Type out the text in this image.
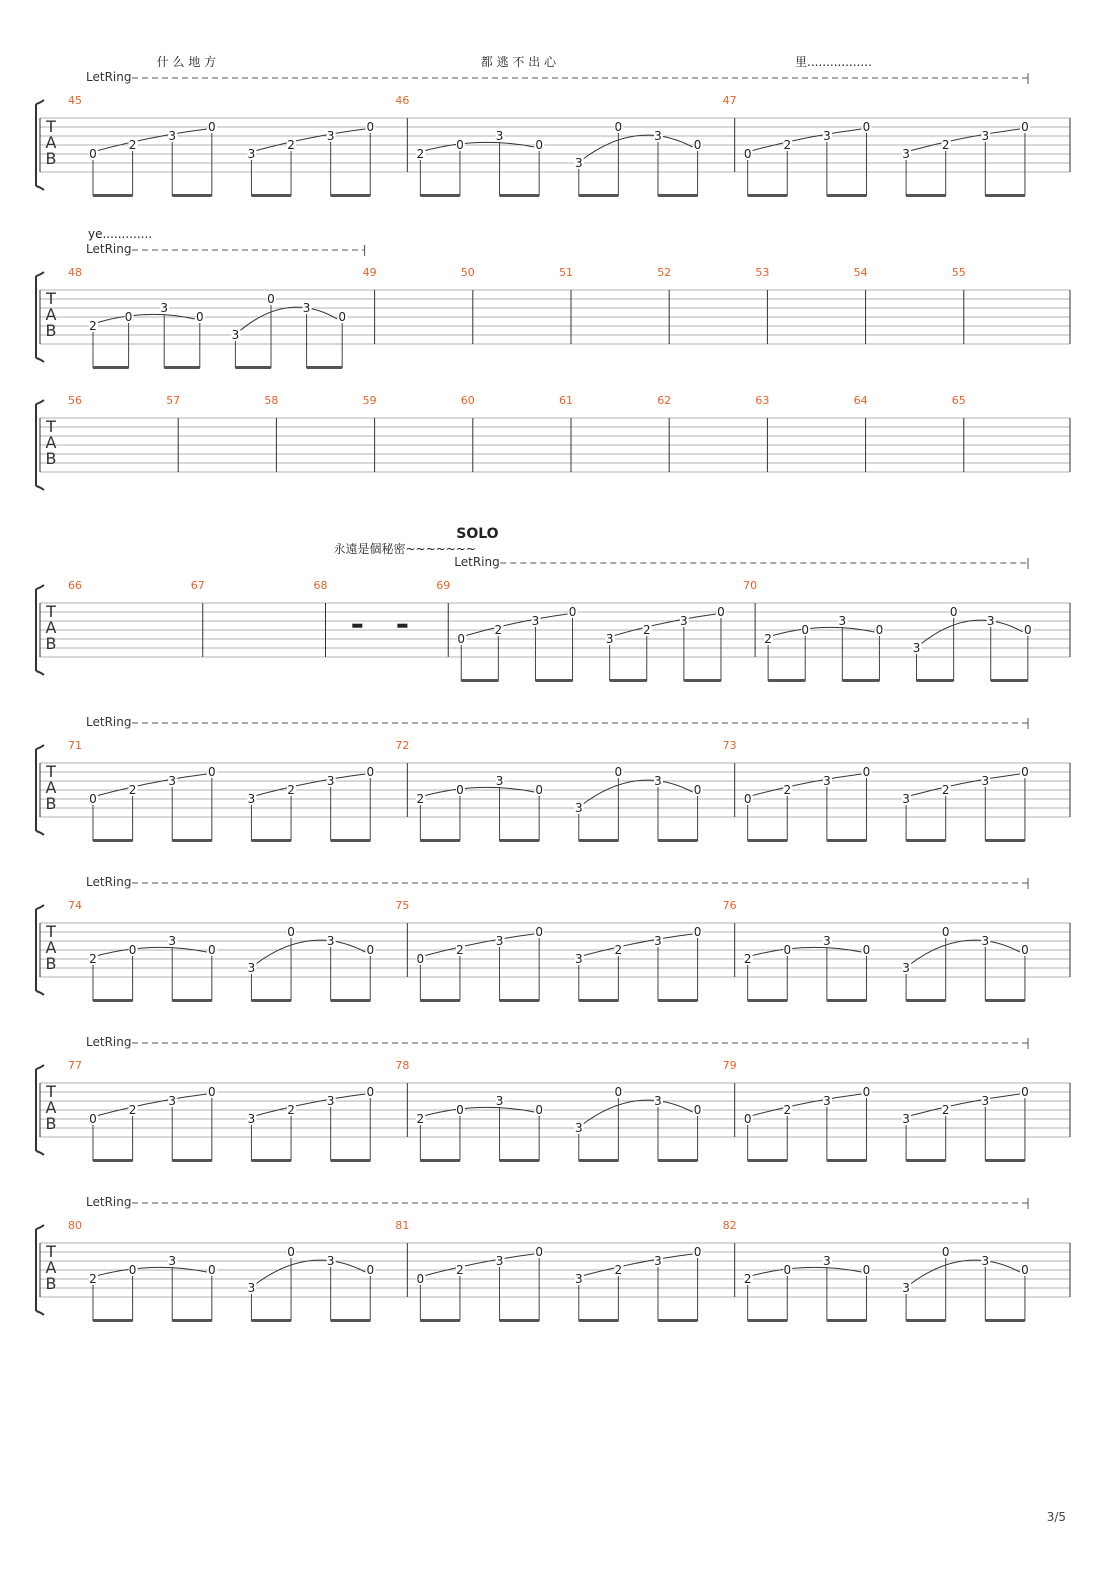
T
A
B
45
0
2
3
0
3
2
3
0
46
2
0
3
0
3
0
3
0
47
0
2
3
0
3
2
3
0
LetRing
什 么 地 方	都 逃 不 出 心	里.................
T
A
B
48
2
0
3
0
3
0
3
0
49	50	51	52	53	54	55
LetRing
ye.............
T
A
B
56	57	58	59	60	61	62	63	64	65
T
A
B
66	67	68	69
0
2
3
0
3
2
3
0
70
2
0
3
0
3
0
3
0
LetRing
SOLO
永遠是個秘密~~~~~~~
T
A
B
71
0
2
3
0
3
2
3
0
72
2
0
3
0
3
0
3
0
73
0
2
3
0
3
2
3
0
LetRing
T
A
B
74
2
0
3
0
3
0
3
0
75
0
2
3
0
3
2
3
0
76
2
0
3
0
3
0
3
0
LetRing
T
A
B
77
0
2
3
0
3
2
3
0
78
2
0
3
0
3
0
3
0
79
0
2
3
0
3
2
3
0
LetRing
T
A
B
80
2
0
3
0
3
0
3
0
81
0
2
3
0
3
2
3
0
82
2
0
3
0
3
0
3
0
LetRing
3/5
